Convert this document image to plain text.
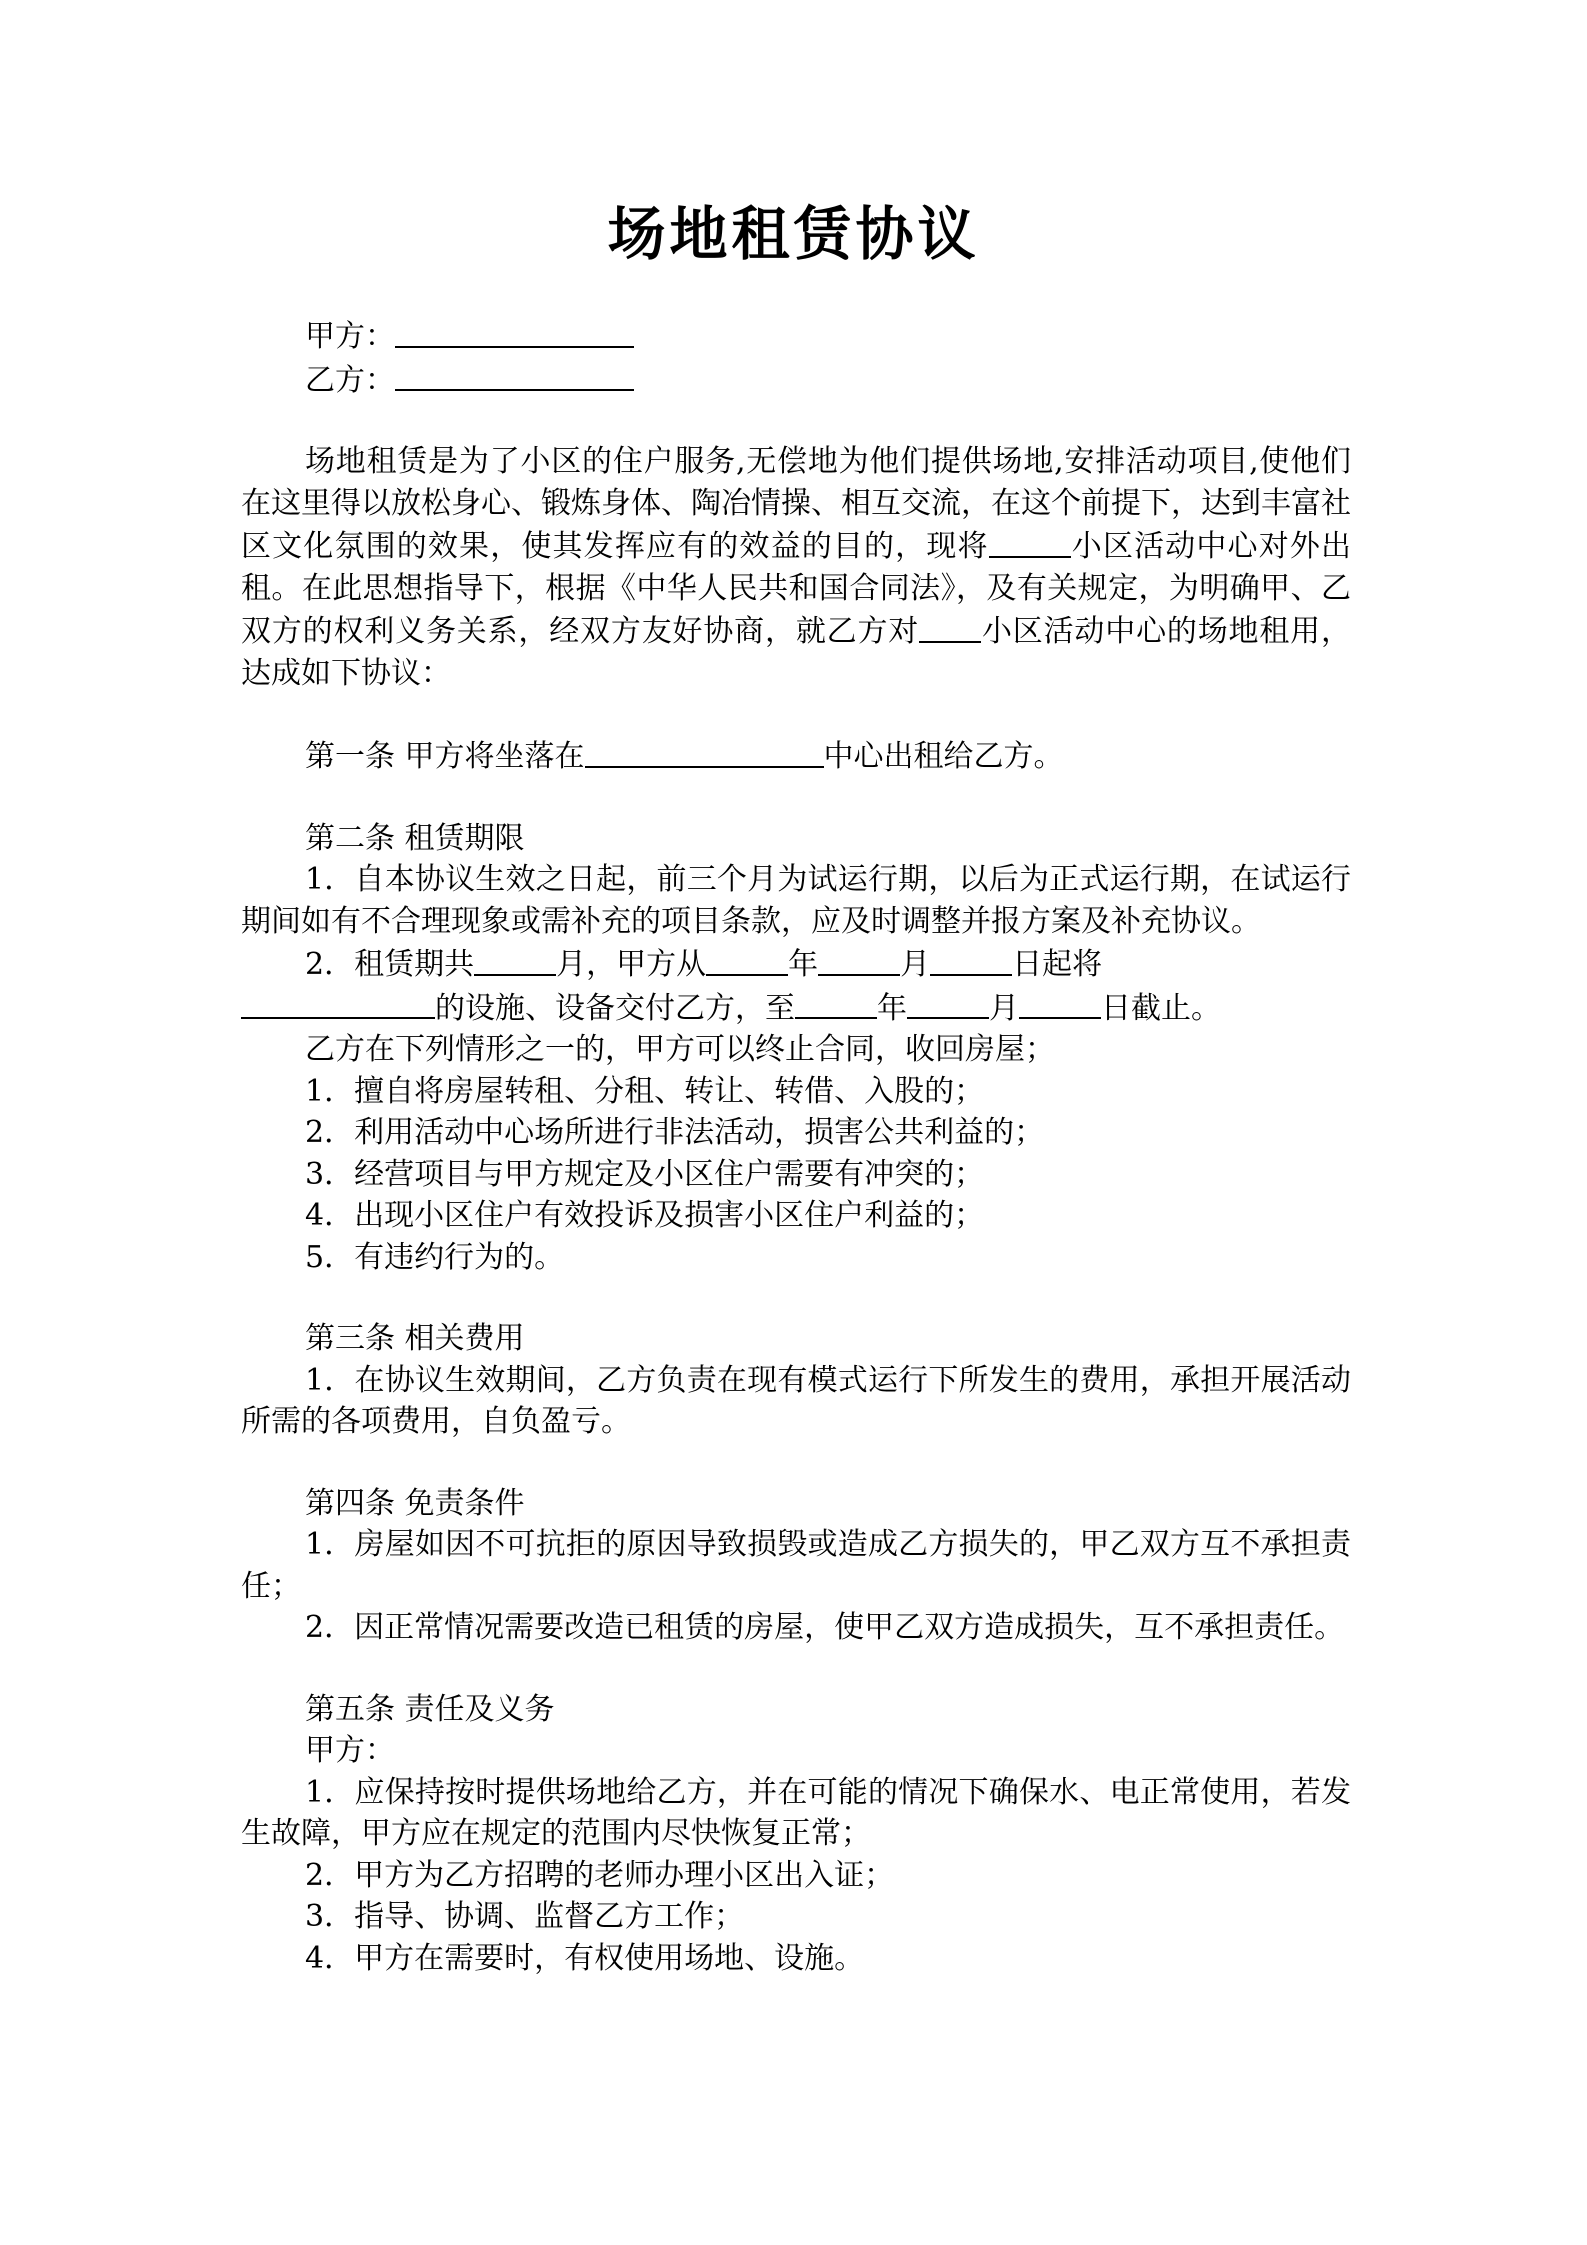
场地租赁协议

甲方：

乙方：

场地租赁是为了小区的住户服务,无偿地为他们提供场地,安排活动项目,使他们在这里得以放松身心、锻炼身体、陶冶情操、相互交流，在这个前提下，达到丰富社区文化氛围的效果，使其发挥应有的效益的目的，现将	小区活动中心对外出租。在此思想指导下，根据《中华人民共和国合同法》，及有关规定，为明确甲、乙双方的权利义务关系，经双方友好协商，就乙方对 小区活动中心的场地租用，达成如下协议：

第一条 甲方将坐落在	中心出租给乙方。

第二条 租赁期限

1．自本协议生效之日起，前三个月为试运行期，以后为正式运行期，在试运行期间如有不合理现象或需补充的项目条款，应及时调整并报方案及补充协议。

2．租赁期共	月，甲方从	年	月	日起将
的设施、设备交付乙方，至	年	月	日截止。

乙方在下列情形之一的，甲方可以终止合同，收回房屋；

1．擅自将房屋转租、分租、转让、转借、入股的；

2．利用活动中心场所进行非法活动，损害公共利益的；

3．经营项目与甲方规定及小区住户需要有冲突的；

4．出现小区住户有效投诉及损害小区住户利益的；

5．有违约行为的。

第三条 相关费用

1．在协议生效期间，乙方负责在现有模式运行下所发生的费用，承担开展活动所需的各项费用，自负盈亏。

第四条 免责条件

1．房屋如因不可抗拒的原因导致损毁或造成乙方损失的，甲乙双方互不承担责任；

2．因正常情况需要改造已租赁的房屋，使甲乙双方造成损失，互不承担责任。

第五条 责任及义务

甲方：

1．应保持按时提供场地给乙方，并在可能的情况下确保水、电正常使用，若发生故障，甲方应在规定的范围内尽快恢复正常；

2．甲方为乙方招聘的老师办理小区出入证；

3．指导、协调、监督乙方工作；

4．甲方在需要时，有权使用场地、设施。
